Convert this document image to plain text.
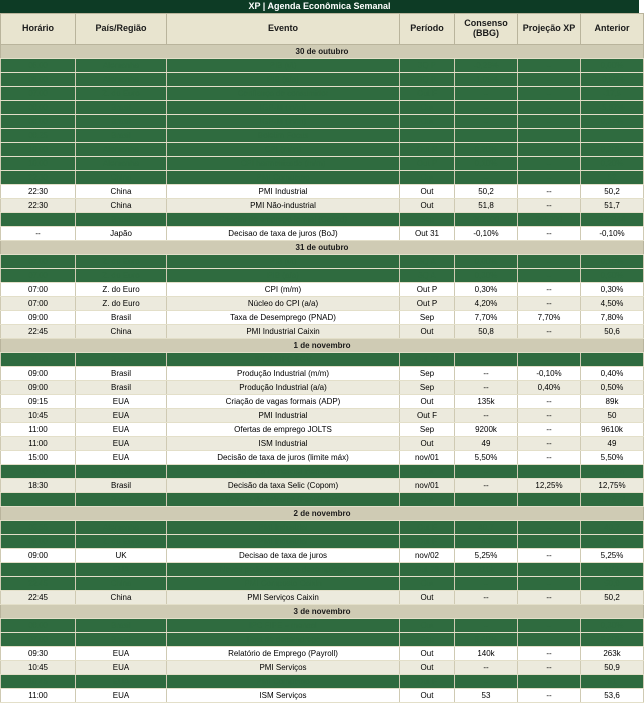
XP | Agenda Econômica Semanal
Horário	País/Região	Evento	Período	Consenso (BBG)	Projeção XP	Anterior
30 de outubro						
06:00	Alemanha	PIB (t/t)	3Q P	-0,28%	--	0,00%
06:00	Alemanha	PIB (a/a)	3Q P	-1,09%	--	-0,90%
07:00	Z. do Euro	Confiança do consumidor	Out F	--	--	-17,9
08:00	Brasil	IGP-M (m/m)	Out	--	--	-5,87%
08:00	Brasil	IGP-M (m/m)	Out	--	--	0,37%
08:25	Brasil	Boletim Focus				
10:00	Alemanha	CPI (m/m)	Out P	0,20%	--	0,30%
10:00	Alemanha	CPI harmonizado (m/m)	Out P	0,10%	--	0,20%
22:30	China	PMI Composto	Out	--	--	52
22:30	China	PMI Industrial	Out	50,2	--	50,2
22:30	China	PMI Não-industrial	Out	51,8	--	51,7
--	Brasil	Criação de emprego formal (Caged)	Sep	202000	206000	220844
--	Japão	Decisao de taxa de juros (BoJ)	Out 31	-0,10%	--	-0,10%
31 de outubro						
07:00	Z. do Euro	PIB (t/t)	3Q A	0,00%	--	0,10%
07:00	Z. do Euro	PIB (a/a)	3Q A	0,30%	--	0,50%
07:00	Z. do Euro	CPI (m/m)	Out P	0,30%	--	0,30%
07:00	Z. do Euro	Núcleo do CPI (a/a)	Out P	4,20%	--	4,50%
09:00	Brasil	Taxa de Desemprego (PNAD)	Sep	7,70%	7,70%	7,80%
22:45	China	PMI Industrial Caixin	Out	50,8	--	50,6
1 de novembro						
08:00	Brasil	IPCA | IPC FGV	Out 27	--	--	--
09:00	Brasil	Produção Industrial (m/m)	Sep	--	-0,10%	0,40%
09:00	Brasil	Produção Industrial (a/a)	Sep	--	0,40%	0,50%
09:15	EUA	Criação de vagas formais (ADP)	Out	135k	--	89k
10:45	EUA	PMI Industrial	Out F	--	--	50
11:00	EUA	Ofertas de emprego JOLTS	Sep	9200k	--	9610k
11:00	EUA	ISM Industrial	Out	49	--	49
15:00	EUA	Decisão de taxa de juros (limite máx)	nov/01	5,50%	--	5,50%
16:00	Brasil	Balança comercial mensal	Out	--	--	8994m
18:30	Brasil	Decisão da taxa Selic (Copom)	nov/01	--	12,25%	12,75%
--	Brasil	Vendas de veículos (Fenabrave)	Out	--	--	197673
2 de novembro						
05:55	Alemanha	PMI Industrial	Out F	40,7	--	40,7
06:00	Z. do Euro	PMI Industrial	Out F	43	--	43
09:00	UK	Decisao de taxa de juros	nov/02	5,25%	--	5,25%
09:30	EUA	Novos pedidos seguro-desemprego	Out 28	210k	--	210k
22:45	China	PMI Composto Caixin	Out	--	--	50,9
22:45	China	PMI Serviços Caixin	Out	--	--	50,2
3 de novembro						
08:00	Brasil	IPC FIPE – mensal	Out	--	--	0,30%
07:00	Brasil	Taxa de desemprego	Sep	6,40%	--	6,40%
09:30	EUA	Relatório de Emprego (Payroll)	Out	140k	--	263k
10:45	EUA	PMI Serviços	Out	--	--	50,9
10:45	EUA	PMI Composto	Out F	--	--	51
11:00	EUA	ISM Serviços	Out	53	--	53,6
